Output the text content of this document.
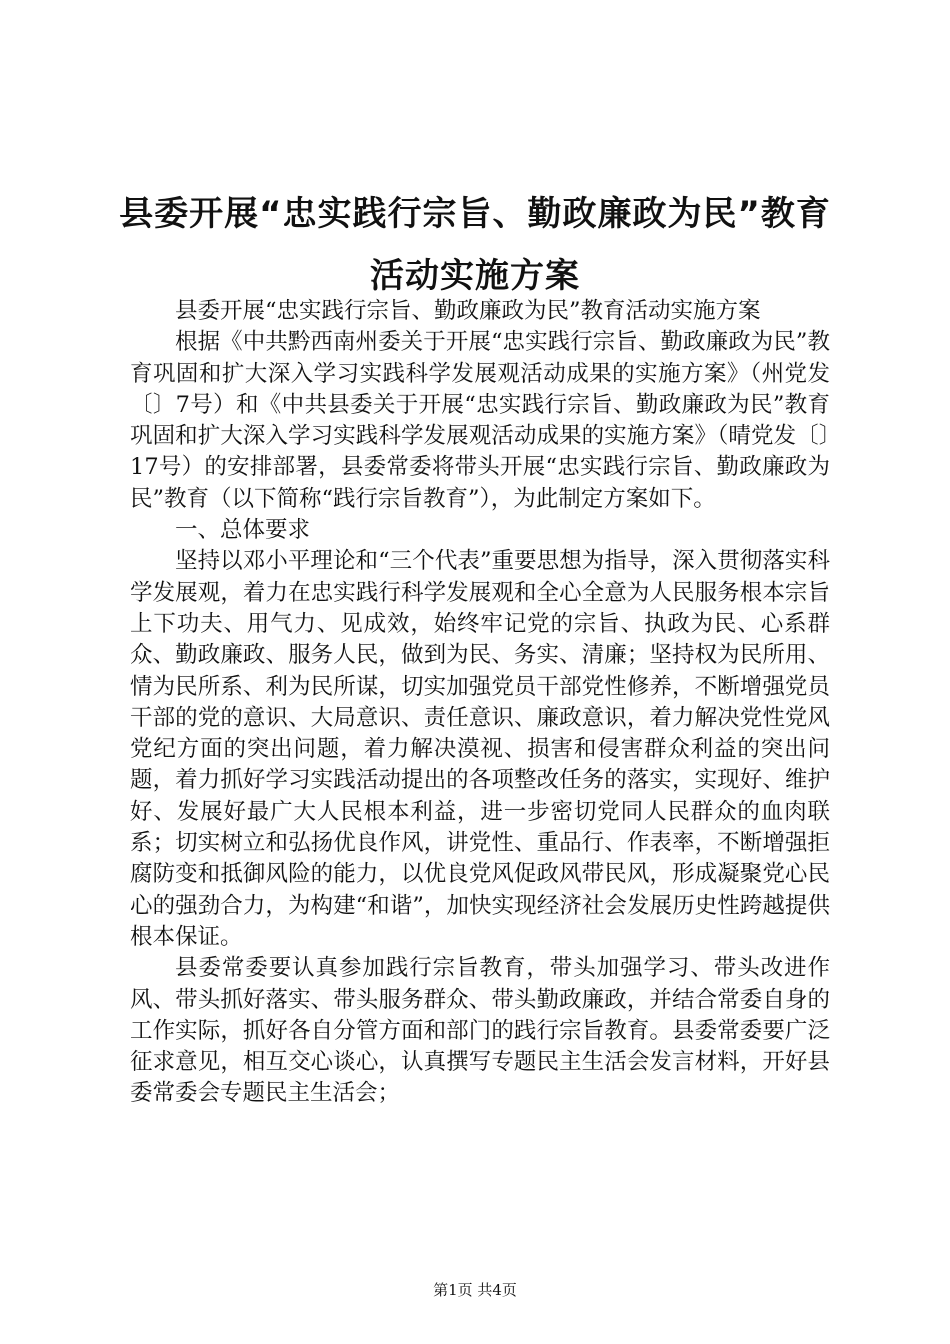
县委开展“忠实践行宗旨、勤政廉政为民”教育活动实施方案

县委开展“忠实践行宗旨、勤政廉政为民”教育活动实施方案

根据《中共黔西南州委关于开展“忠实践行宗旨、勤政廉政为民”教育巩固和扩大深入学习实践科学发展观活动成果的实施方案》（州党发〔〕7号）和《中共县委关于开展“忠实践行宗旨、勤政廉政为民”教育巩固和扩大深入学习实践科学发展观活动成果的实施方案》（晴党发〔〕17号）的安排部署，县委常委将带头开展“忠实践行宗旨、勤政廉政为民”教育（以下简称“践行宗旨教育”），为此制定方案如下。

一、总体要求

坚持以邓小平理论和“三个代表”重要思想为指导，深入贯彻落实科学发展观，着力在忠实践行科学发展观和全心全意为人民服务根本宗旨上下功夫、用气力、见成效，始终牢记党的宗旨、执政为民、心系群众、勤政廉政、服务人民，做到为民、务实、清廉；坚持权为民所用、情为民所系、利为民所谋，切实加强党员干部党性修养，不断增强党员干部的党的意识、大局意识、责任意识、廉政意识，着力解决党性党风党纪方面的突出问题，着力解决漠视、损害和侵害群众利益的突出问题，着力抓好学习实践活动提出的各项整改任务的落实，实现好、维护好、发展好最广大人民根本利益，进一步密切党同人民群众的血肉联系；切实树立和弘扬优良作风，讲党性、重品行、作表率，不断增强拒腐防变和抵御风险的能力，以优良党风促政风带民风，形成凝聚党心民心的强劲合力，为构建“和谐”，加快实现经济社会发展历史性跨越提供根本保证。

县委常委要认真参加践行宗旨教育，带头加强学习、带头改进作风、带头抓好落实、带头服务群众、带头勤政廉政，并结合常委自身的工作实际，抓好各自分管方面和部门的践行宗旨教育。县委常委要广泛征求意见，相互交心谈心，认真撰写专题民主生活会发言材料，开好县委常委会专题民主生活会；

第1页 共4页
